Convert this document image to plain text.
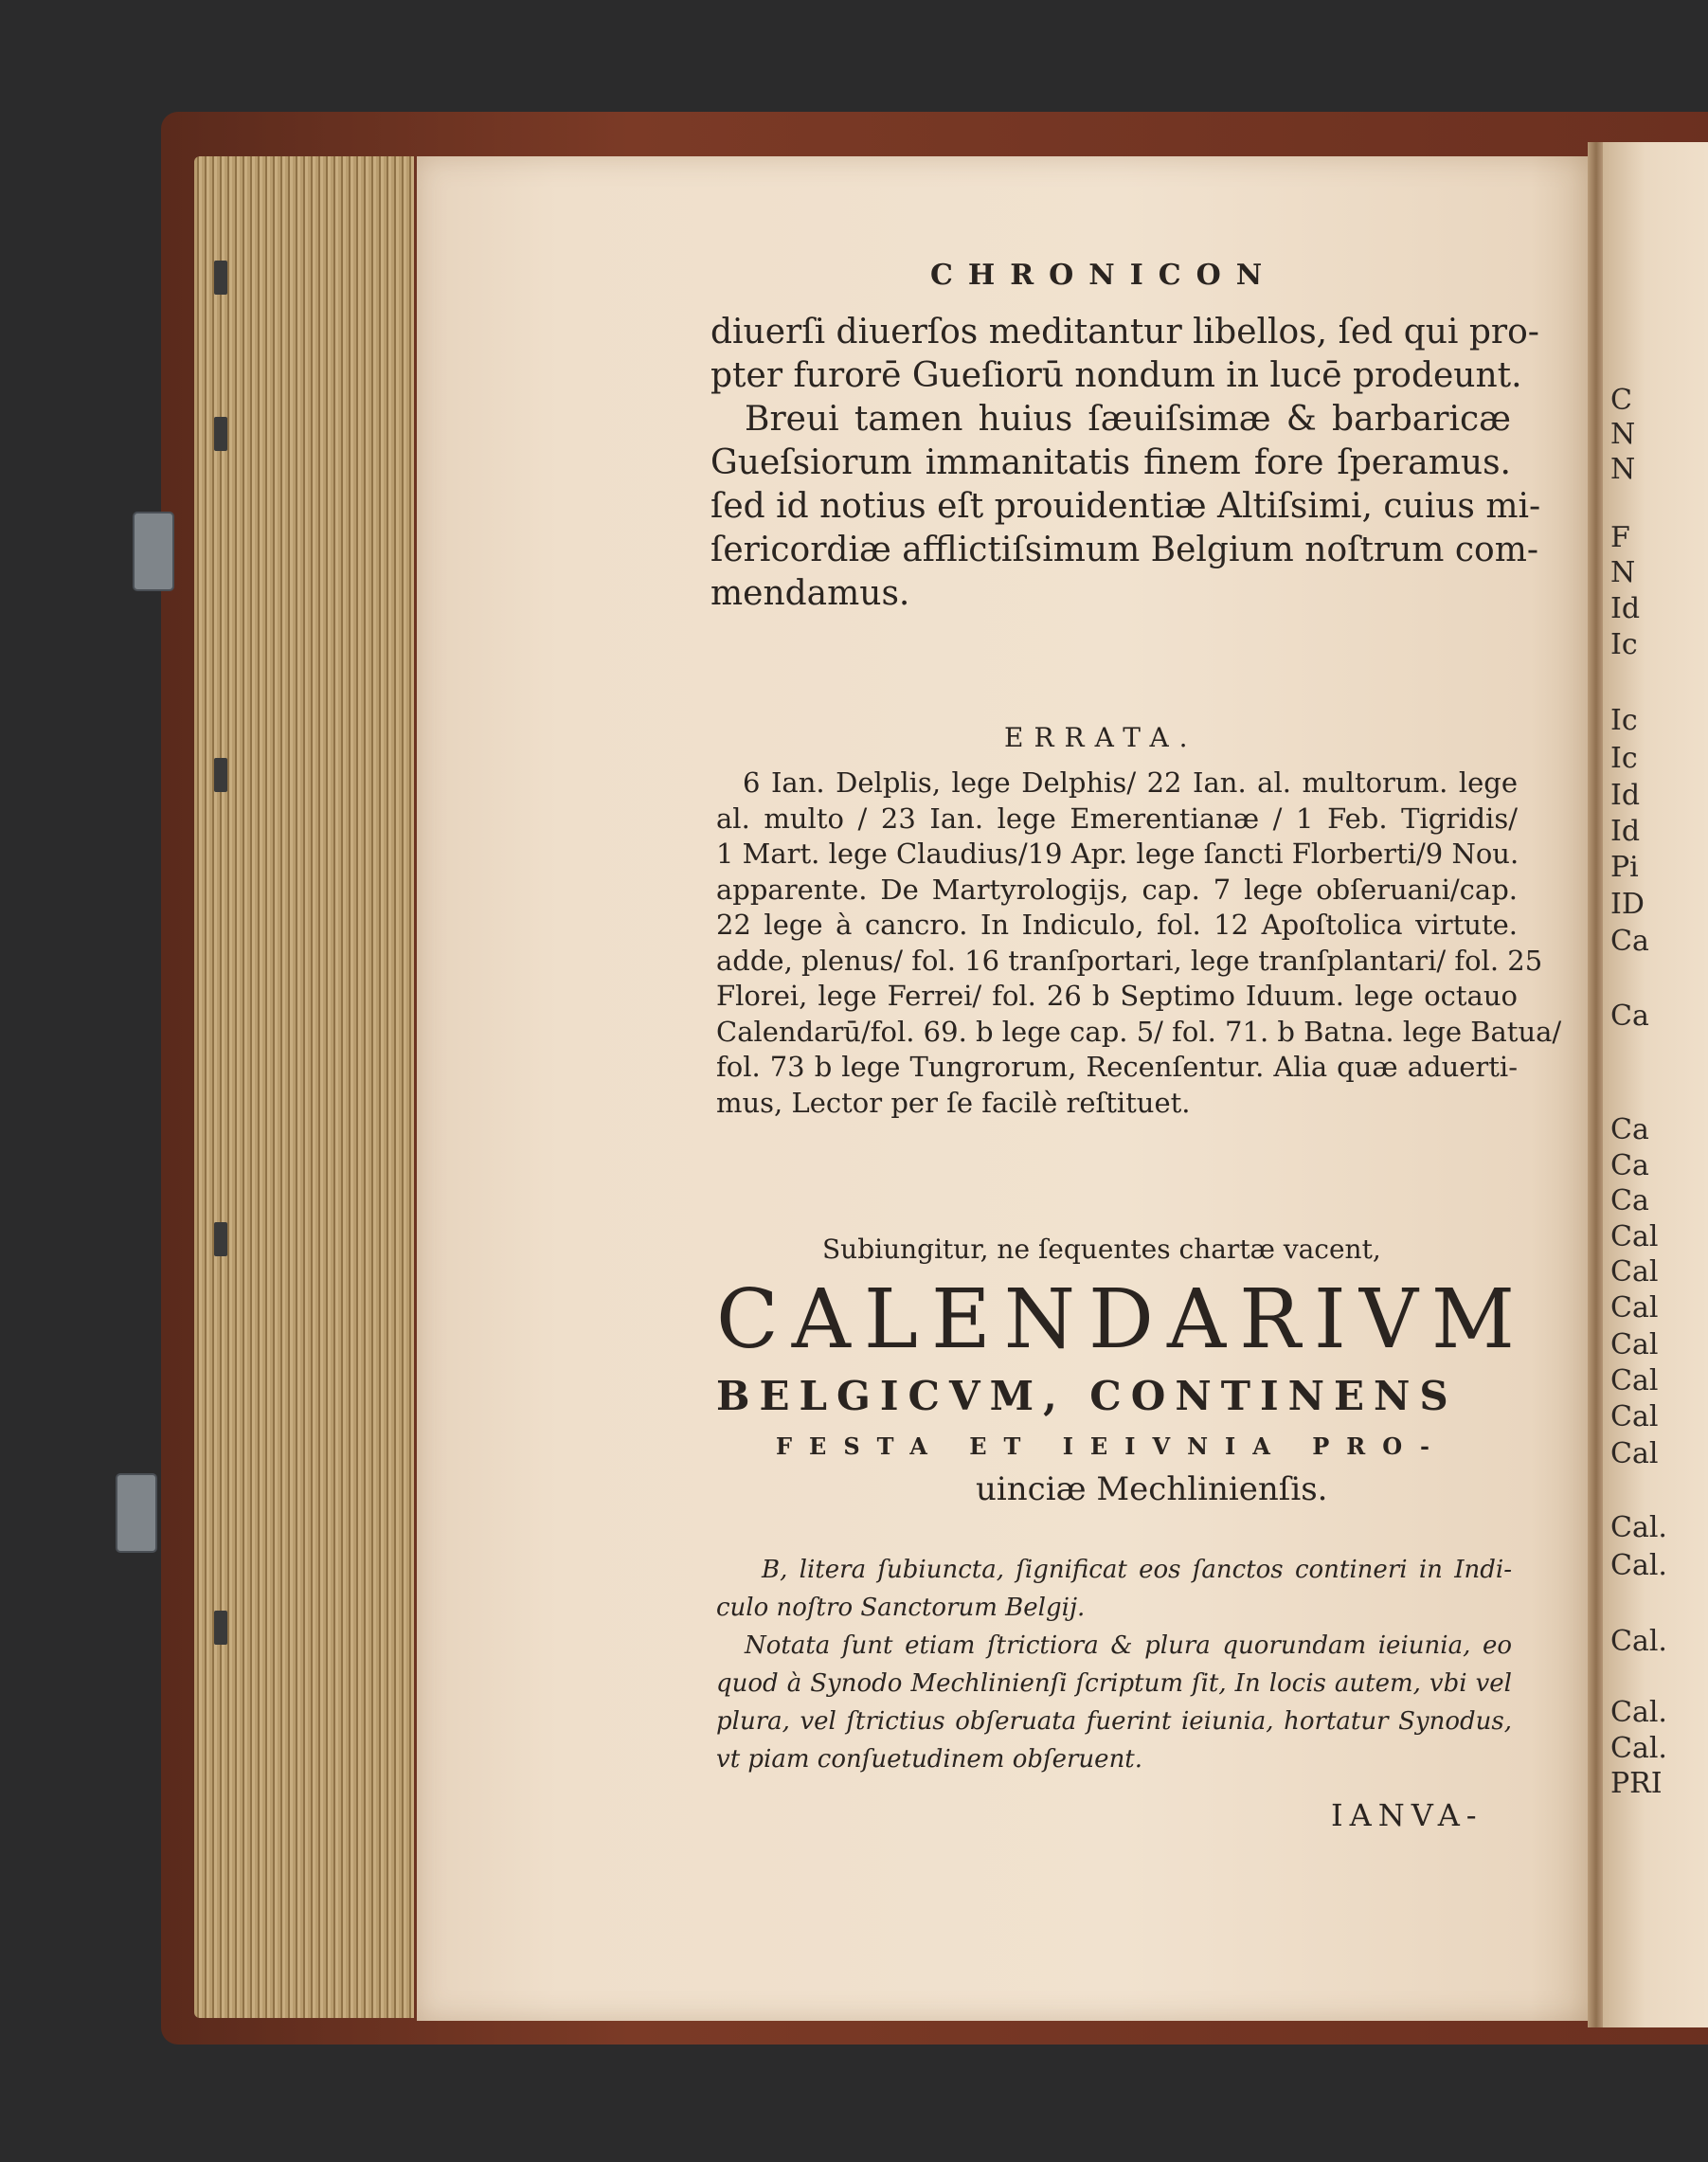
C
N
N
F
N
Id
Ic
Ic
Ic
Id
Id
Pi
ID
Ca
Ca
Ca
Ca
Ca
Cal
Cal
Cal
Cal
Cal
Cal
Cal
Cal.
Cal.
Cal.
Cal.
Cal.
PRI
CHRONICON
diuerſi diuerſos meditantur libellos, ſed qui pro-
pter furorē Gueſiorū nondum in lucē prodeunt.
Breui tamen huius ſæuiſsimæ & barbaricæ
Gueſsiorum immanitatis finem fore ſperamus.
ſed id notius eſt prouidentiæ Altiſsimi, cuius mi-
ſericordiæ afflictiſsimum Belgium noſtrum com-
mendamus.
ERRATA.
6 Ian. Delplis, lege Delphis/ 22 Ian. al. multorum. lege
al. multo / 23 Ian. lege Emerentianæ / 1 Feb. Tigridis/
1 Mart. lege Claudius/19 Apr. lege ſancti Florberti/9 Nou.
apparente. De Martyrologijs, cap. 7 lege obſeruani/cap.
22 lege à cancro. In Indiculo, fol. 12 Apoſtolica virtute.
adde, plenus/ fol. 16 tranſportari, lege tranſplantari/ fol. 25
Florei, lege Ferrei/ fol. 26 b Septimo Iduum. lege octauo
Calendarū/fol. 69. b lege cap. 5/ fol. 71. b Batna. lege Batua/
fol. 73 b lege Tungrorum, Recenſentur. Alia quæ aduerti-
mus, Lector per ſe facilè reſtituet.
Subiungitur, ne ſequentes chartæ vacent,
CALENDARIVM
BELGICVM, CONTINENS
FESTA ET IEIVNIA PRO-
uinciæ Mechlinienſis.
B, litera ſubiuncta, ſignificat eos ſanctos contineri in Indi-
culo noſtro Sanctorum Belgij.
Notata ſunt etiam ſtrictiora & plura quorundam ieiunia, eo
quod à Synodo Mechlinienſi ſcriptum ſit, In locis autem, vbi vel
plura, vel ſtrictius obſeruata fuerint ieiunia, hortatur Synodus,
vt piam conſuetudinem obſeruent.
IANVA-
